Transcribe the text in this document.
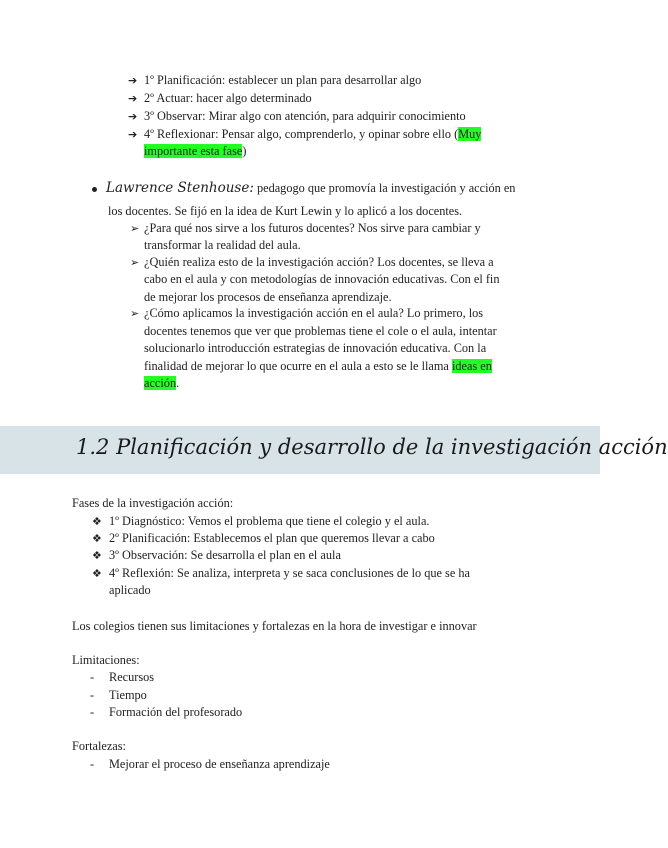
➔ 1º Planificación: establecer un plan para desarrollar algo
➔ 2º Actuar: hacer algo determinado
➔ 3º Observar: Mirar algo con atención, para adquirir conocimiento
➔ 4º Reflexionar: Pensar algo, comprenderlo, y opinar sobre ello (Muy
importante esta fase)
Lawrence Stenhouse: pedagogo que promovía la investigación y acción en
los docentes. Se fijó en la idea de Kurt Lewin y lo aplicó a los docentes.
➢ ¿Para qué nos sirve a los futuros docentes? Nos sirve para cambiar y
transformar la realidad del aula.
➢ ¿Quién realiza esto de la investigación acción? Los docentes, se lleva a
cabo en el aula y con metodologías de innovación educativas. Con el fin
de mejorar los procesos de enseñanza aprendizaje.
➢ ¿Cómo aplicamos la investigación acción en el aula? Lo primero, los
docentes tenemos que ver que problemas tiene el cole o el aula, intentar
solucionarlo introducción estrategias de innovación educativa. Con la
finalidad de mejorar lo que ocurre en el aula a esto se le llama ideas en
acción.
1.2 Planificación y desarrollo de la investigación acción
Fases de la investigación acción:
❖ 1º Diagnóstico: Vemos el problema que tiene el colegio y el aula.
❖ 2º Planificación: Establecemos el plan que queremos llevar a cabo
❖ 3º Observación: Se desarrolla el plan en el aula
❖ 4º Reflexión: Se analiza, interpreta y se saca conclusiones de lo que se ha
aplicado
Los colegios tienen sus limitaciones y fortalezas en la hora de investigar e innovar
Limitaciones:
- Recursos
- Tiempo
- Formación del profesorado
Fortalezas:
- Mejorar el proceso de enseñanza aprendizaje
